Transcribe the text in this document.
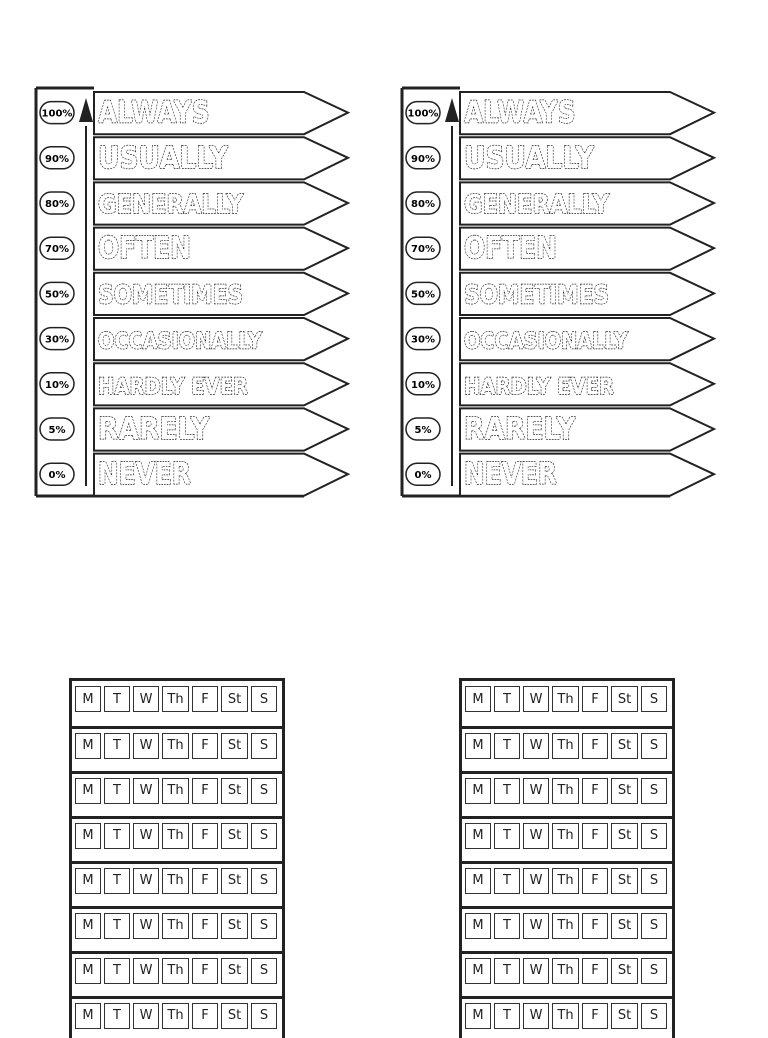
100% ALWAYS
90% USUALLY
80% GENERALLY
70% OFTEN
50% SOMETIMES
30% OCCASIONALLY
10% HARDLY EVER
5% RARELY
0% NEVER
100% ALWAYS
90% USUALLY
80% GENERALLY
70% OFTEN
50% SOMETIMES
30% OCCASIONALLY
10% HARDLY EVER
5% RARELY
0% NEVER
M	T	W	Th	F	St	S
M	T	W	Th	F	St	S
M	T	W	Th	F	St	S
M	T	W	Th	F	St	S
M	T	W	Th	F	St	S
M	T	W	Th	F	St	S
M	T	W	Th	F	St	S
M	T	W	Th	F	St	S
M	T	W	Th	F	St	S
M	T	W	Th	F	St	S
M	T	W	Th	F	St	S
M	T	W	Th	F	St	S
M	T	W	Th	F	St	S
M	T	W	Th	F	St	S
M	T	W	Th	F	St	S
M	T	W	Th	F	St	S
